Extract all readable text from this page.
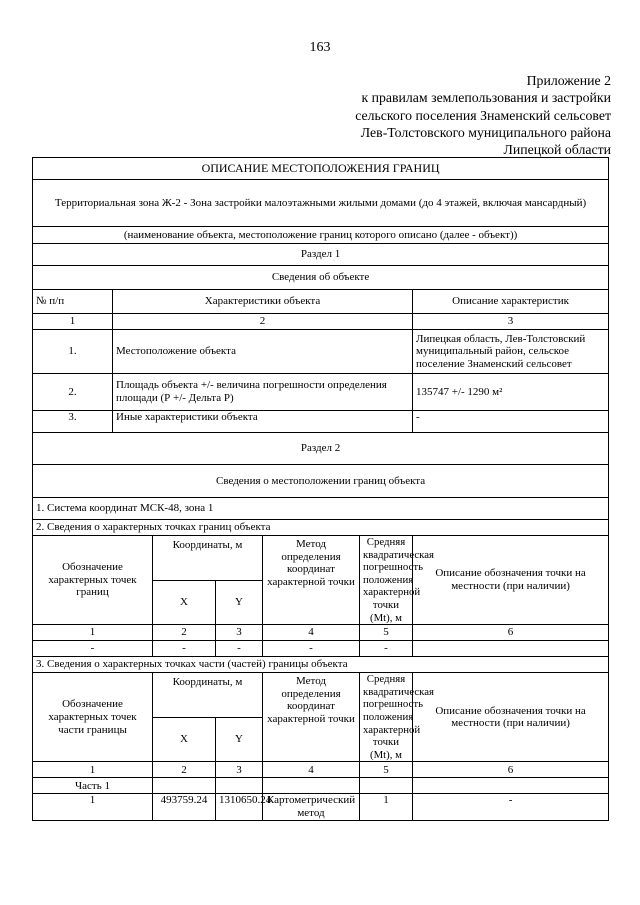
163
Приложение 2
к правилам землепользования и застройки
сельского поселения Знаменский сельсовет
Лев-Толстовского муниципального района
Липецкой области
ОПИСАНИЕ МЕСТОПОЛОЖЕНИЯ ГРАНИЦ						
Территориальная зона Ж-2 - Зона застройки малоэтажными жилыми домами (до 4 этажей, включая мансардный)						
(наименование объекта, местоположение границ которого описано (далее - объект))						
Раздел 1						
Сведения об объекте						
№ п/п	Характеристики объекта					Описание характеристик
1	2					3
1.	Местоположение объекта					Липецкая область, Лев-Толстовский муниципальный район, сельское поселение Знаменский сельсовет
2.	Площадь объекта +/- величина погрешности определения площади (Р +/- Дельта Р)					135747 +/- 1290 м²
3.	Иные характеристики объекта					-
Раздел 2						
Сведения о местоположении границ объекта						
1. Система координат МСК-48, зона 1						
2. Сведения о характерных точках границ объекта						
Обозначение характерных точек границ		Координаты, м		Метод определения координат характерной точки	Средняя квадратическая погрешность положения характерной точки (Mt), м	Описание обозначения точки на местности (при наличии)
		X	Y			
1		2	3	4	5	6
-		-	-	-	-	
3. Сведения о характерных точках части (частей) границы объекта						
Обозначение характерных точек части границы		Координаты, м		Метод определения координат характерной точки	Средняя квадратическая погрешность положения характерной точки (Mt), м	Описание обозначения точки на местности (при наличии)
		X	Y			
1		2	3	4	5	6
Часть 1						
1		493759.24	1310650.24	Картометрический метод	1	-
